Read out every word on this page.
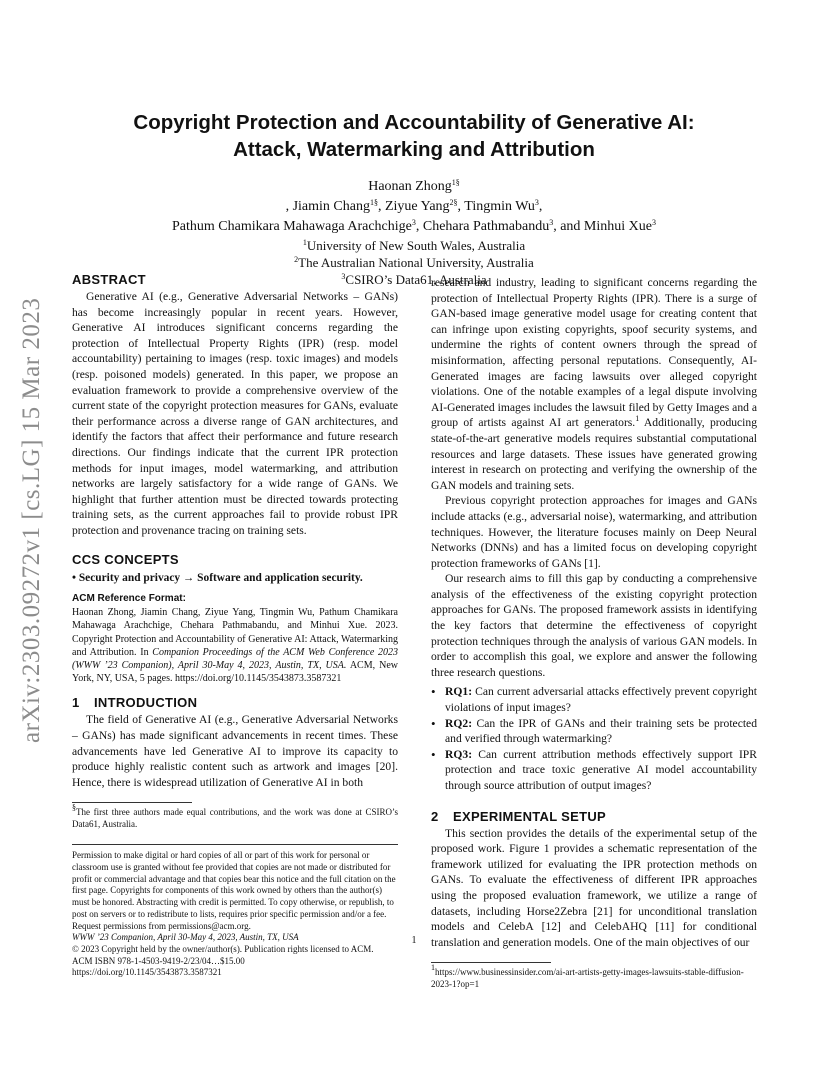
arXiv:2303.09272v1 [cs.LG] 15 Mar 2023
Copyright Protection and Accountability of Generative AI:
Attack, Watermarking and Attribution
Haonan Zhong$^{1\S}$
, Jiamin Chang$^{1\S}$, Ziyue Yang$^{2\S}$, Tingmin Wu$^3$,
Pathum Chamikara Mahawaga Arachchige$^3$, Chehara Pathmabandu$^3$, and Minhui Xue$^3$
$^1$University of New South Wales, Australia
$^2$The Australian National University, Australia
$^3$CSIRO’s Data61, Australia
ABSTRACT

Generative AI (e.g., Generative Adversarial Networks – GANs) has become increasingly popular in recent years. However, Generative AI introduces significant concerns regarding the protection of Intellectual Property Rights (IPR) (resp. model accountability) pertaining to images (resp. toxic images) and models (resp. poisoned models) generated. In this paper, we propose an evaluation framework to provide a comprehensive overview of the current state of the copyright protection measures for GANs, evaluate their performance across a diverse range of GAN architectures, and identify the factors that affect their performance and future research directions. Our findings indicate that the current IPR protection methods for input images, model watermarking, and attribution networks are largely satisfactory for a wide range of GANs. We highlight that further attention must be directed towards protecting training sets, as the current approaches fail to provide robust IPR protection and provenance tracing on training sets.

CCS CONCEPTS
• Security and privacy → Software and application security.
ACM Reference Format:
Haonan Zhong, Jiamin Chang, Ziyue Yang, Tingmin Wu, Pathum Chamikara Mahawaga Arachchige, Chehara Pathmabandu, and Minhui Xue. 2023. Copyright Protection and Accountability of Generative AI: Attack, Watermarking and Attribution. In Companion Proceedings of the ACM Web Conference 2023 (WWW ’23 Companion), April 30-May 4, 2023, Austin, TX, USA. ACM, New York, NY, USA, 5 pages. https://doi.org/10.1145/3543873.3587321
1 INTRODUCTION

The field of Generative AI (e.g., Generative Adversarial Networks – GANs) has made significant advancements in recent times. These advancements have led Generative AI to improve its capacity to produce highly realistic content such as artwork and images [20]. Hence, there is widespread utilization of Generative AI in both

§The first three authors made equal contributions, and the work was done at CSIRO’s Data61, Australia.
Permission to make digital or hard copies of all or part of this work for personal or classroom use is granted without fee provided that copies are not made or distributed for profit or commercial advantage and that copies bear this notice and the full citation on the first page. Copyrights for components of this work owned by others than the author(s) must be honored. Abstracting with credit is permitted. To copy otherwise, or republish, to post on servers or to redistribute to lists, requires prior specific permission and/or a fee. Request permissions from permissions@acm.org.
WWW ’23 Companion, April 30-May 4, 2023, Austin, TX, USA
© 2023 Copyright held by the owner/author(s). Publication rights licensed to ACM.
ACM ISBN 978-1-4503-9419-2/23/04…$15.00
https://doi.org/10.1145/3543873.3587321

research and industry, leading to significant concerns regarding the protection of Intellectual Property Rights (IPR). There is a surge of GAN-based image generative model usage for creating content that can infringe upon existing copyrights, spoof security systems, and undermine the rights of content owners through the spread of misinformation, affecting personal reputations. Consequently, AI-Generated images are facing lawsuits over alleged copyright violations. One of the notable examples of a legal dispute involving AI-Generated images includes the lawsuit filed by Getty Images and a group of artists against AI art generators.$^1$ Additionally, producing state-of-the-art generative models requires substantial computational resources and large datasets. These issues have generated growing interest in research on protecting and verifying the ownership of the GAN models and training sets.

Previous copyright protection approaches for images and GANs include attacks (e.g., adversarial noise), watermarking, and attribution techniques. However, the literature focuses mainly on Deep Neural Networks (DNNs) and has a limited focus on developing copyright protection frameworks of GANs [1].

Our research aims to fill this gap by conducting a comprehensive analysis of the effectiveness of the existing copyright protection approaches for GANs. The proposed framework assists in identifying the key factors that determine the effectiveness of copyright protection techniques through the analysis of various GAN models. In order to accomplish this goal, we explore and answer the following three research questions.

• RQ1: Can current adversarial attacks effectively prevent copyright violations of input images?
• RQ2: Can the IPR of GANs and their training sets be protected and verified through watermarking?
• RQ3: Can current attribution methods effectively support IPR protection and trace toxic generative AI model accountability through source attribution of output images?
2 EXPERIMENTAL SETUP

This section provides the details of the experimental setup of the proposed work. Figure 1 provides a schematic representation of the framework utilized for evaluating the IPR protection methods on GANs. To evaluate the effectiveness of different IPR approaches using the proposed evaluation framework, we utilize a range of datasets, including Horse2Zebra [21] for unconditional translation models and CelebA [12] and CelebAHQ [11] for conditional translation and generation models. One of the main objectives of our

$^1$https://www.businessinsider.com/ai-art-artists-getty-images-lawsuits-stable-diffusion-2023-1?op=1
1
